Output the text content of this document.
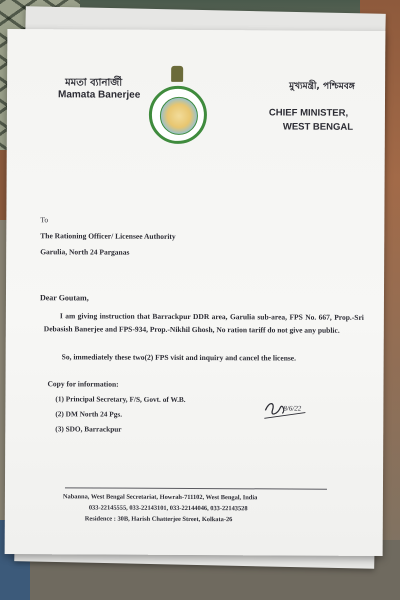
মমতা ব্যানার্জী
Mamata Banerjee
মুখ্যমন্ত্রী, পশ্চিমবঙ্গ
CHIEF MINISTER,
WEST BENGAL
To
The Rationing Officer/ Licensee Authority
Garulia, North 24 Parganas
Dear Goutam,
I am giving instruction that Barrackpur DDR area, Garulia sub-area, FPS No. 667, Prop.-Sri Debasish Banerjee and FPS-934, Prop.-Nikhil Ghosh, No ration tariff do not give any public.
So, immediately these two(2) FPS visit and inquiry and cancel the license.
Copy for information:
(1) Principal Secretary, F/S, Govt. of W.B.
(2) DM North 24 Pgs.
(3) SDO, Barrackpur
8/6/22
Nabanna, West Bengal Secretariat, Howrah-711102, West Bengal, India
033-22145555, 033-22143101, 033-22144046, 033-22143528
Residence : 30B, Harish Chatterjee Street, Kolkata-26
